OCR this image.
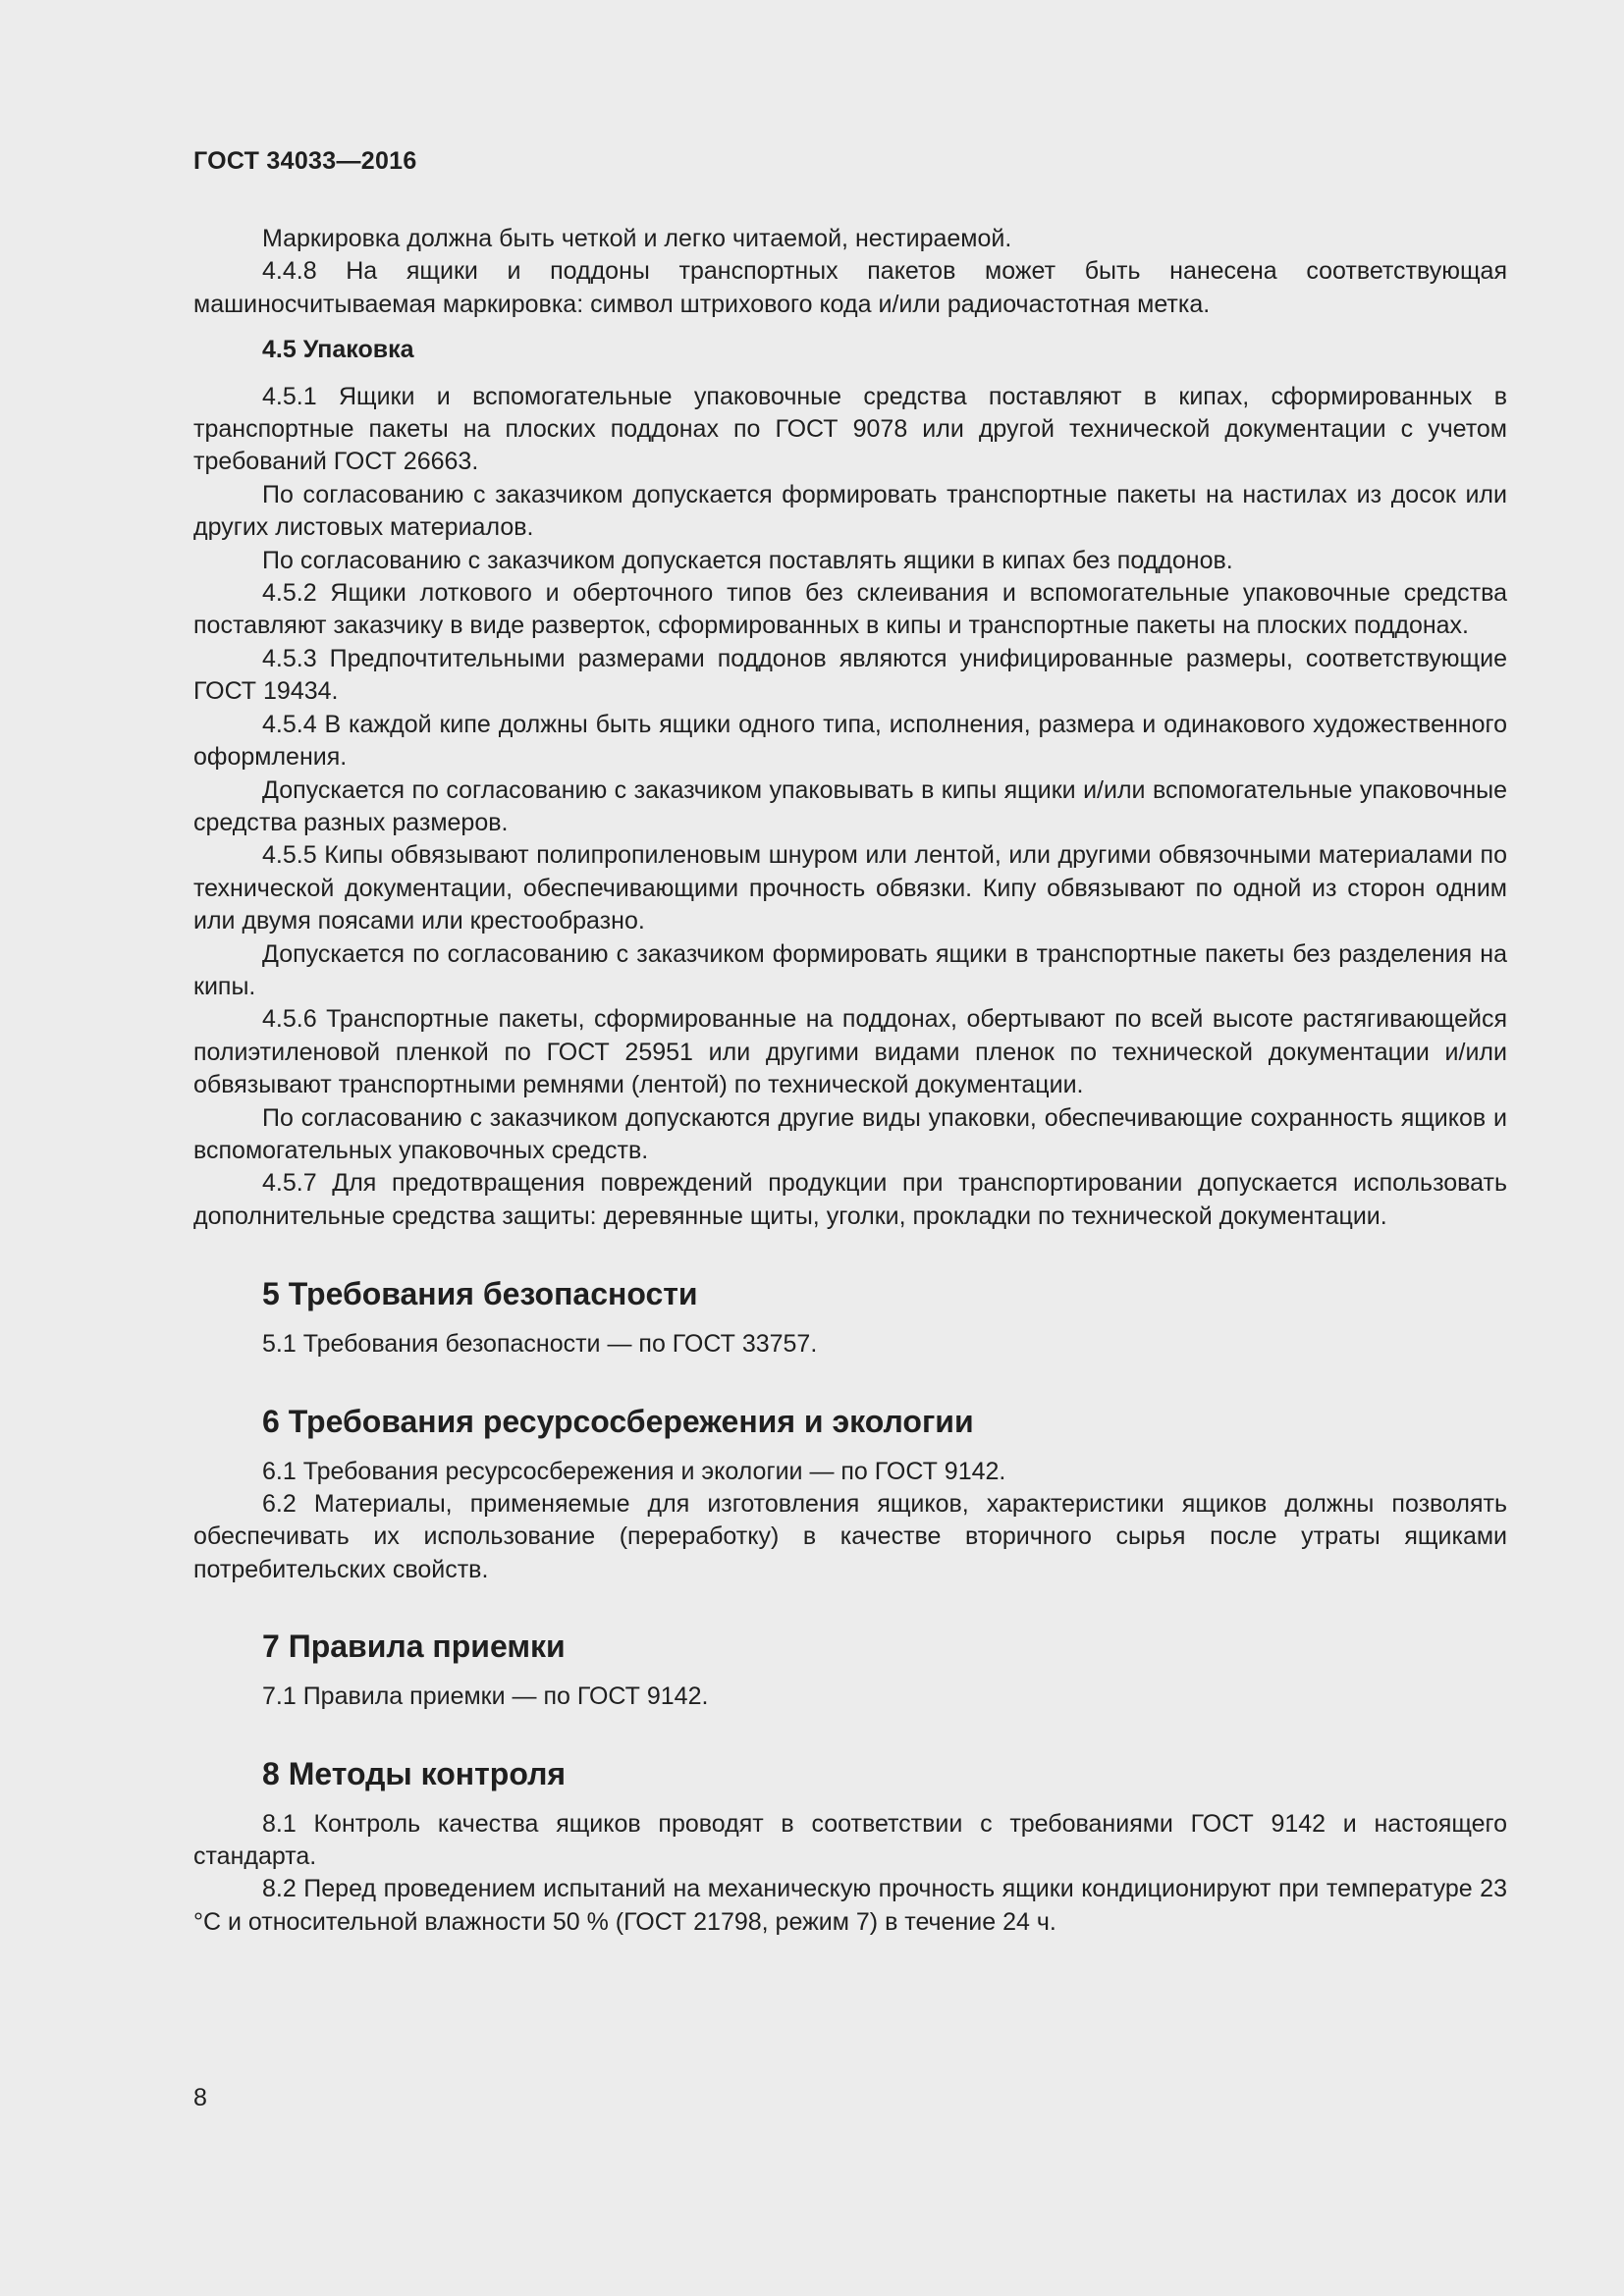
ГОСТ 34033—2016

Маркировка должна быть четкой и легко читаемой, нестираемой.

4.4.8 На ящики и поддоны транспортных пакетов может быть нанесена соответствующая машиносчитываемая маркировка: символ штрихового кода и/или радиочастотная метка.

4.5 Упаковка

4.5.1 Ящики и вспомогательные упаковочные средства поставляют в кипах, сформированных в транспортные пакеты на плоских поддонах по ГОСТ 9078 или другой технической документации с учетом требований ГОСТ 26663.

По согласованию с заказчиком допускается формировать транспортные пакеты на настилах из досок или других листовых материалов.

По согласованию с заказчиком допускается поставлять ящики в кипах без поддонов.

4.5.2 Ящики лоткового и оберточного типов без склеивания и вспомогательные упаковочные средства поставляют заказчику в виде разверток, сформированных в кипы и транспортные пакеты на плоских поддонах.

4.5.3 Предпочтительными размерами поддонов являются унифицированные размеры, соответствующие ГОСТ 19434.

4.5.4 В каждой кипе должны быть ящики одного типа, исполнения, размера и одинакового художественного оформления.

Допускается по согласованию с заказчиком упаковывать в кипы ящики и/или вспомогательные упаковочные средства разных размеров.

4.5.5 Кипы обвязывают полипропиленовым шнуром или лентой, или другими обвязочными материалами по технической документации, обеспечивающими прочность обвязки. Кипу обвязывают по одной из сторон одним или двумя поясами или крестообразно.

Допускается по согласованию с заказчиком формировать ящики в транспортные пакеты без разделения на кипы.

4.5.6 Транспортные пакеты, сформированные на поддонах, обертывают по всей высоте растягивающейся полиэтиленовой пленкой по ГОСТ 25951 или другими видами пленок по технической документации и/или обвязывают транспортными ремнями (лентой) по технической документации.

По согласованию с заказчиком допускаются другие виды упаковки, обеспечивающие сохранность ящиков и вспомогательных упаковочных средств.

4.5.7 Для предотвращения повреждений продукции при транспортировании допускается использовать дополнительные средства защиты: деревянные щиты, уголки, прокладки по технической документации.

5 Требования безопасности

5.1 Требования безопасности — по ГОСТ 33757.

6 Требования ресурсосбережения и экологии

6.1 Требования ресурсосбережения и экологии — по ГОСТ 9142.

6.2 Материалы, применяемые для изготовления ящиков, характеристики ящиков должны позволять обеспечивать их использование (переработку) в качестве вторичного сырья после утраты ящиками потребительских свойств.

7 Правила приемки

7.1 Правила приемки — по ГОСТ 9142.

8 Методы контроля

8.1 Контроль качества ящиков проводят в соответствии с требованиями ГОСТ 9142 и настоящего стандарта.

8.2 Перед проведением испытаний на механическую прочность ящики кондиционируют при температуре 23 °С и относительной влажности 50 % (ГОСТ 21798, режим 7) в течение 24 ч.

8
